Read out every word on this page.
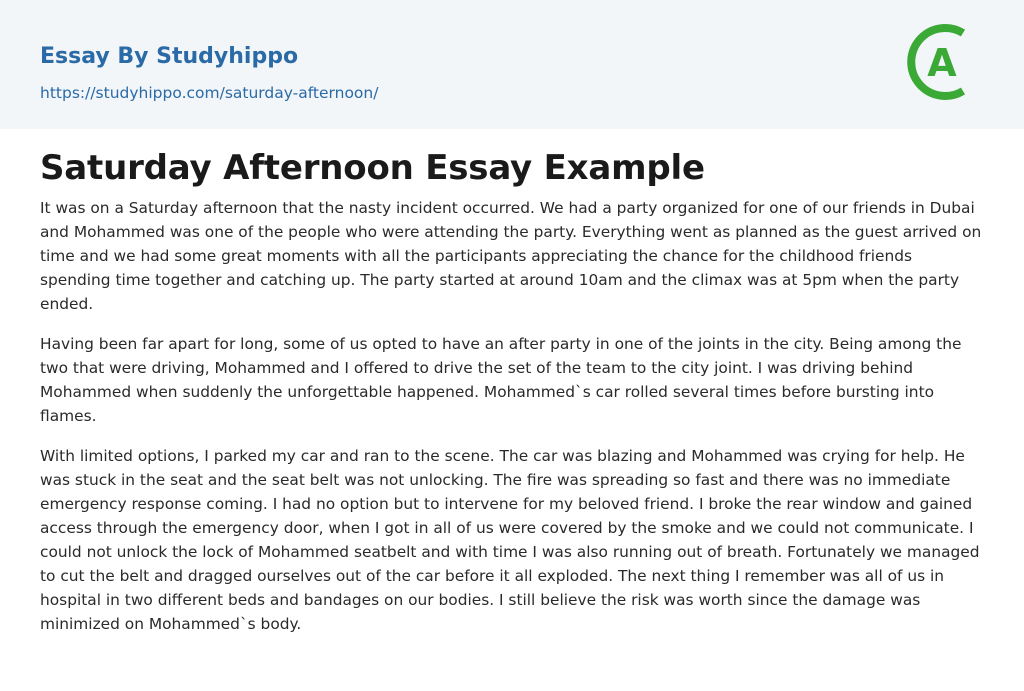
Essay By Studyhippo
https://studyhippo.com/saturday-afternoon/
A
Saturday Afternoon Essay Example

It was on a Saturday afternoon that the nasty incident occurred. We had a party organized for one of our friends in Dubai and Mohammed was one of the people who were attending the party. Everything went as planned as the guest arrived on time and we had some great moments with all the participants appreciating the chance for the childhood friends spending time together and catching up. The party started at around 10am and the climax was at 5pm when the party ended.

Having been far apart for long, some of us opted to have an after party in one of the joints in the city. Being among the two that were driving, Mohammed and I offered to drive the set of the team to the city joint. I was driving behind Mohammed when suddenly the unforgettable happened. Mohammed`s car rolled several times before bursting into flames.

With limited options, I parked my car and ran to the scene. The car was blazing and Mohammed was crying for help. He was stuck in the seat and the seat belt was not unlocking. The fire was spreading so fast and there was no immediate emergency response coming. I had no option but to intervene for my beloved friend. I broke the rear window and gained access through the emergency door, when I got in all of us were covered by the smoke and we could not communicate. I could not unlock the lock of Mohammed seatbelt and with time I was also running out of breath. Fortunately we managed to cut the belt and dragged ourselves out of the car before it all exploded. The next thing I remember was all of us in hospital in two different beds and bandages on our bodies. I still believe the risk was worth since the damage was minimized on Mohammed`s body.
